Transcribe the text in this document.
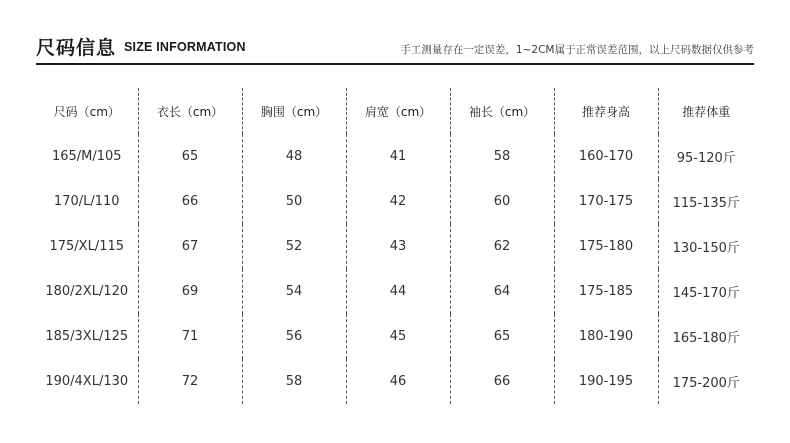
尺码信息 SIZE INFORMATION	手工测量存在一定误差，1~2CM属于正常误差范围，以上尺码数据仅供参考
尺码（cm）	衣长（cm）	胸围（cm）	肩宽（cm）	袖长（cm）	推荐身高	推荐体重
165/M/105	65	48	41	58	160-170	95-120斤
170/L/110	66	50	42	60	170-175	115-135斤
175/XL/115	67	52	43	62	175-180	130-150斤
180/2XL/120	69	54	44	64	175-185	145-170斤
185/3XL/125	71	56	45	65	180-190	165-180斤
190/4XL/130	72	58	46	66	190-195	175-200斤
